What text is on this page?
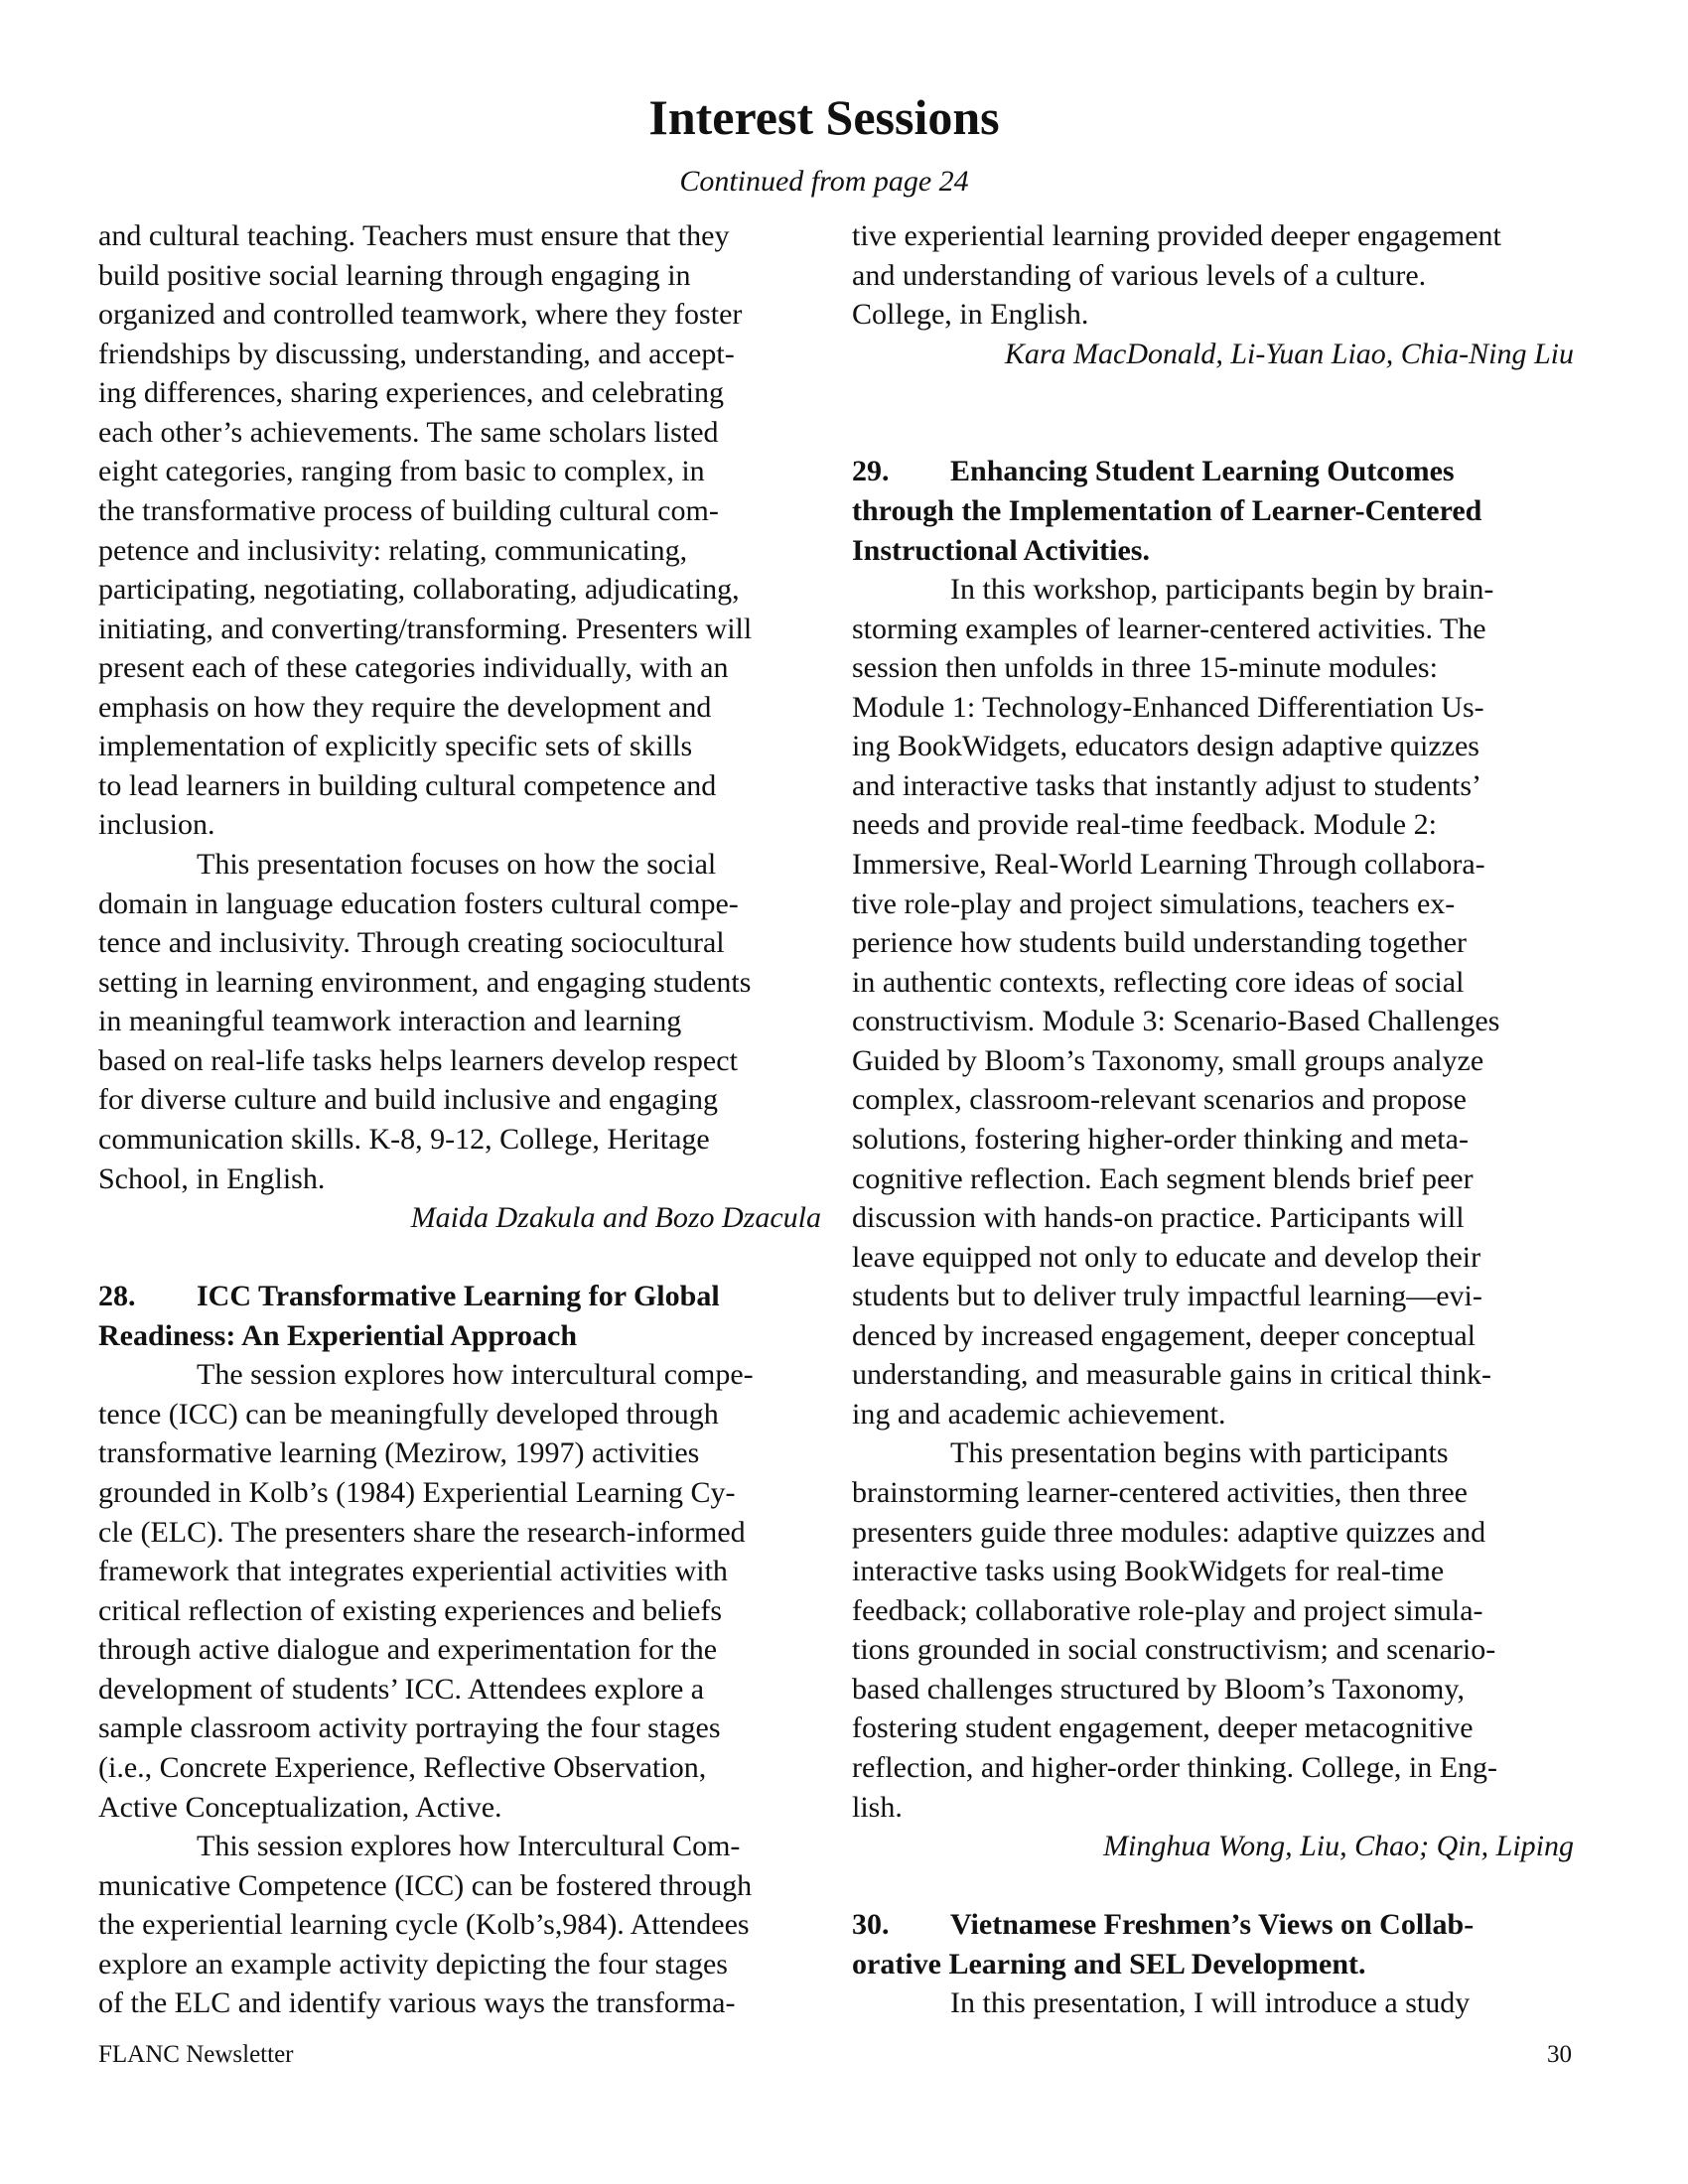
Interest Sessions
Continued from page 24
and cultural teaching. Teachers must ensure that they
build positive social learning through engaging in
organized and controlled teamwork, where they foster
friendships by discussing, understanding, and accept-
ing differences, sharing experiences, and celebrating
each other’s achievements. The same scholars listed
eight categories, ranging from basic to complex, in
the transformative process of building cultural com-
petence and inclusivity: relating, communicating,
participating, negotiating, collaborating, adjudicating,
initiating, and converting/transforming. Presenters will
present each of these categories individually, with an
emphasis on how they require the development and
implementation of explicitly specific sets of skills
to lead learners in building cultural competence and
inclusion.
This presentation focuses on how the social
domain in language education fosters cultural compe-
tence and inclusivity. Through creating sociocultural
setting in learning environment, and engaging students
in meaningful teamwork interaction and learning
based on real-life tasks helps learners develop respect
for diverse culture and build inclusive and engaging
communication skills. K-8, 9-12, College, Heritage
School, in English.
Maida Dzakula and Bozo Dzacula
28. ICC Transformative Learning for Global
Readiness: An Experiential Approach
The session explores how intercultural compe-
tence (ICC) can be meaningfully developed through
transformative learning (Mezirow, 1997) activities
grounded in Kolb’s (1984) Experiential Learning Cy-
cle (ELC). The presenters share the research-informed
framework that integrates experiential activities with
critical reflection of existing experiences and beliefs
through active dialogue and experimentation for the
development of students’ ICC. Attendees explore a
sample classroom activity portraying the four stages
(i.e., Concrete Experience, Reflective Observation,
Active Conceptualization, Active.
This session explores how Intercultural Com-
municative Competence (ICC) can be fostered through
the experiential learning cycle (Kolb’s,984). Attendees
explore an example activity depicting the four stages
of the ELC and identify various ways the transforma-
tive experiential learning provided deeper engagement
and understanding of various levels of a culture.
College, in English.
Kara MacDonald, Li-Yuan Liao, Chia-Ning Liu
29. Enhancing Student Learning Outcomes
through the Implementation of Learner-Centered
Instructional Activities.
In this workshop, participants begin by brain-
storming examples of learner-centered activities. The
session then unfolds in three 15-minute modules:
Module 1: Technology-Enhanced Differentiation Us-
ing BookWidgets, educators design adaptive quizzes
and interactive tasks that instantly adjust to students’
needs and provide real-time feedback. Module 2:
Immersive, Real-World Learning Through collabora-
tive role-play and project simulations, teachers ex-
perience how students build understanding together
in authentic contexts, reflecting core ideas of social
constructivism. Module 3: Scenario-Based Challenges
Guided by Bloom’s Taxonomy, small groups analyze
complex, classroom-relevant scenarios and propose
solutions, fostering higher-order thinking and meta-
cognitive reflection. Each segment blends brief peer
discussion with hands-on practice. Participants will
leave equipped not only to educate and develop their
students but to deliver truly impactful learning—evi-
denced by increased engagement, deeper conceptual
understanding, and measurable gains in critical think-
ing and academic achievement.
This presentation begins with participants
brainstorming learner-centered activities, then three
presenters guide three modules: adaptive quizzes and
interactive tasks using BookWidgets for real-time
feedback; collaborative role-play and project simula-
tions grounded in social constructivism; and scenario-
based challenges structured by Bloom’s Taxonomy,
fostering student engagement, deeper metacognitive
reflection, and higher-order thinking. College, in Eng-
lish.
Minghua Wong, Liu, Chao; Qin, Liping
30. Vietnamese Freshmen’s Views on Collab-
orative Learning and SEL Development.
In this presentation, I will introduce a study
FLANC Newsletter	30
